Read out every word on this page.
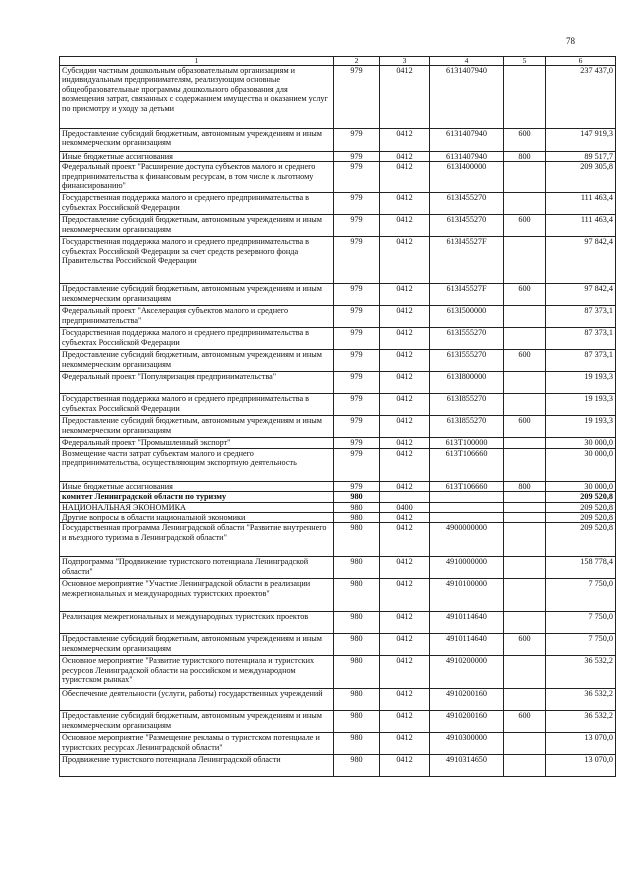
78
1	2	3	4	5	6
Субсидии частным дошкольным образовательным организациям и индивидуальным предпринимателям, реализующим основные общеобразовательные программы дошкольного образования для возмещения затрат, связанных с содержанием имущества и оказанием услуг по присмотру и уходу за детьми	979	0412	6131407940		237 437,0
Предоставление субсидий бюджетным, автономным учреждениям и иным некоммерческим организациям	979	0412	6131407940	600	147 919,3
Иные бюджетные ассигнования	979	0412	6131407940	800	89 517,7
Федеральный проект "Расширение доступа субъектов малого и среднего предпринимательства к финансовым ресурсам, в том числе к льготному финансированию"	979	0412	613I400000		209 305,8
Государственная поддержка малого и среднего предпринимательства в субъектах Российской Федерации	979	0412	613I455270		111 463,4
Предоставление субсидий бюджетным, автономным учреждениям и иным некоммерческим организациям	979	0412	613I455270	600	111 463,4
Государственная поддержка малого и среднего предпринимательства в субъектах Российской Федерации за счет средств резервного фонда Правительства Российской Федерации	979	0412	613I45527F		97 842,4
Предоставление субсидий бюджетным, автономным учреждениям и иным некоммерческим организациям	979	0412	613I45527F	600	97 842,4
Федеральный проект "Акселерация субъектов малого и среднего предпринимательства"	979	0412	613I500000		87 373,1
Государственная поддержка малого и среднего предпринимательства в субъектах Российской Федерации	979	0412	613I555270		87 373,1
Предоставление субсидий бюджетным, автономным учреждениям и иным некоммерческим организациям	979	0412	613I555270	600	87 373,1
Федеральный проект "Популяризация предпринимательства"	979	0412	613I800000		19 193,3
Государственная поддержка малого и среднего предпринимательства в субъектах Российской Федерации	979	0412	613I855270		19 193,3
Предоставление субсидий бюджетным, автономным учреждениям и иным некоммерческим организациям	979	0412	613I855270	600	19 193,3
Федеральный проект "Промышленный экспорт"	979	0412	613T100000		30 000,0
Возмещение части затрат субъектам малого и среднего предпринимательства, осуществляющим экспортную деятельность	979	0412	613T106660		30 000,0
Иные бюджетные ассигнования	979	0412	613T106660	800	30 000,0
комитет Ленинградской области по туризму	980				209 520,8
НАЦИОНАЛЬНАЯ ЭКОНОМИКА	980	0400			209 520,8
Другие вопросы в области национальной экономики	980	0412			209 520,8
Государственная программа Ленинградской области "Развитие внутреннего и въездного туризма в Ленинградской области"	980	0412	4900000000		209 520,8
Подпрограмма "Продвижение туристского потенциала Ленинградской области"	980	0412	4910000000		158 778,4
Основное мероприятие "Участие Ленинградской области в реализации межрегиональных и международных туристских проектов"	980	0412	4910100000		7 750,0
Реализация межрегиональных и международных туристских проектов	980	0412	4910114640		7 750,0
Предоставление субсидий бюджетным, автономным учреждениям и иным некоммерческим организациям	980	0412	4910114640	600	7 750,0
Основное мероприятие "Развитие туристского потенциала и туристских ресурсов Ленинградской области на российском и международном туристском рынках"	980	0412	4910200000		36 532,2
Обеспечение деятельности (услуги, работы) государственных учреждений	980	0412	4910200160		36 532,2
Предоставление субсидий бюджетным, автономным учреждениям и иным некоммерческим организациям	980	0412	4910200160	600	36 532,2
Основное мероприятие "Размещение рекламы о туристском потенциале и туристских ресурсах Ленинградской области"	980	0412	4910300000		13 070,0
Продвижение туристского потенциала Ленинградской области	980	0412	4910314650		13 070,0
